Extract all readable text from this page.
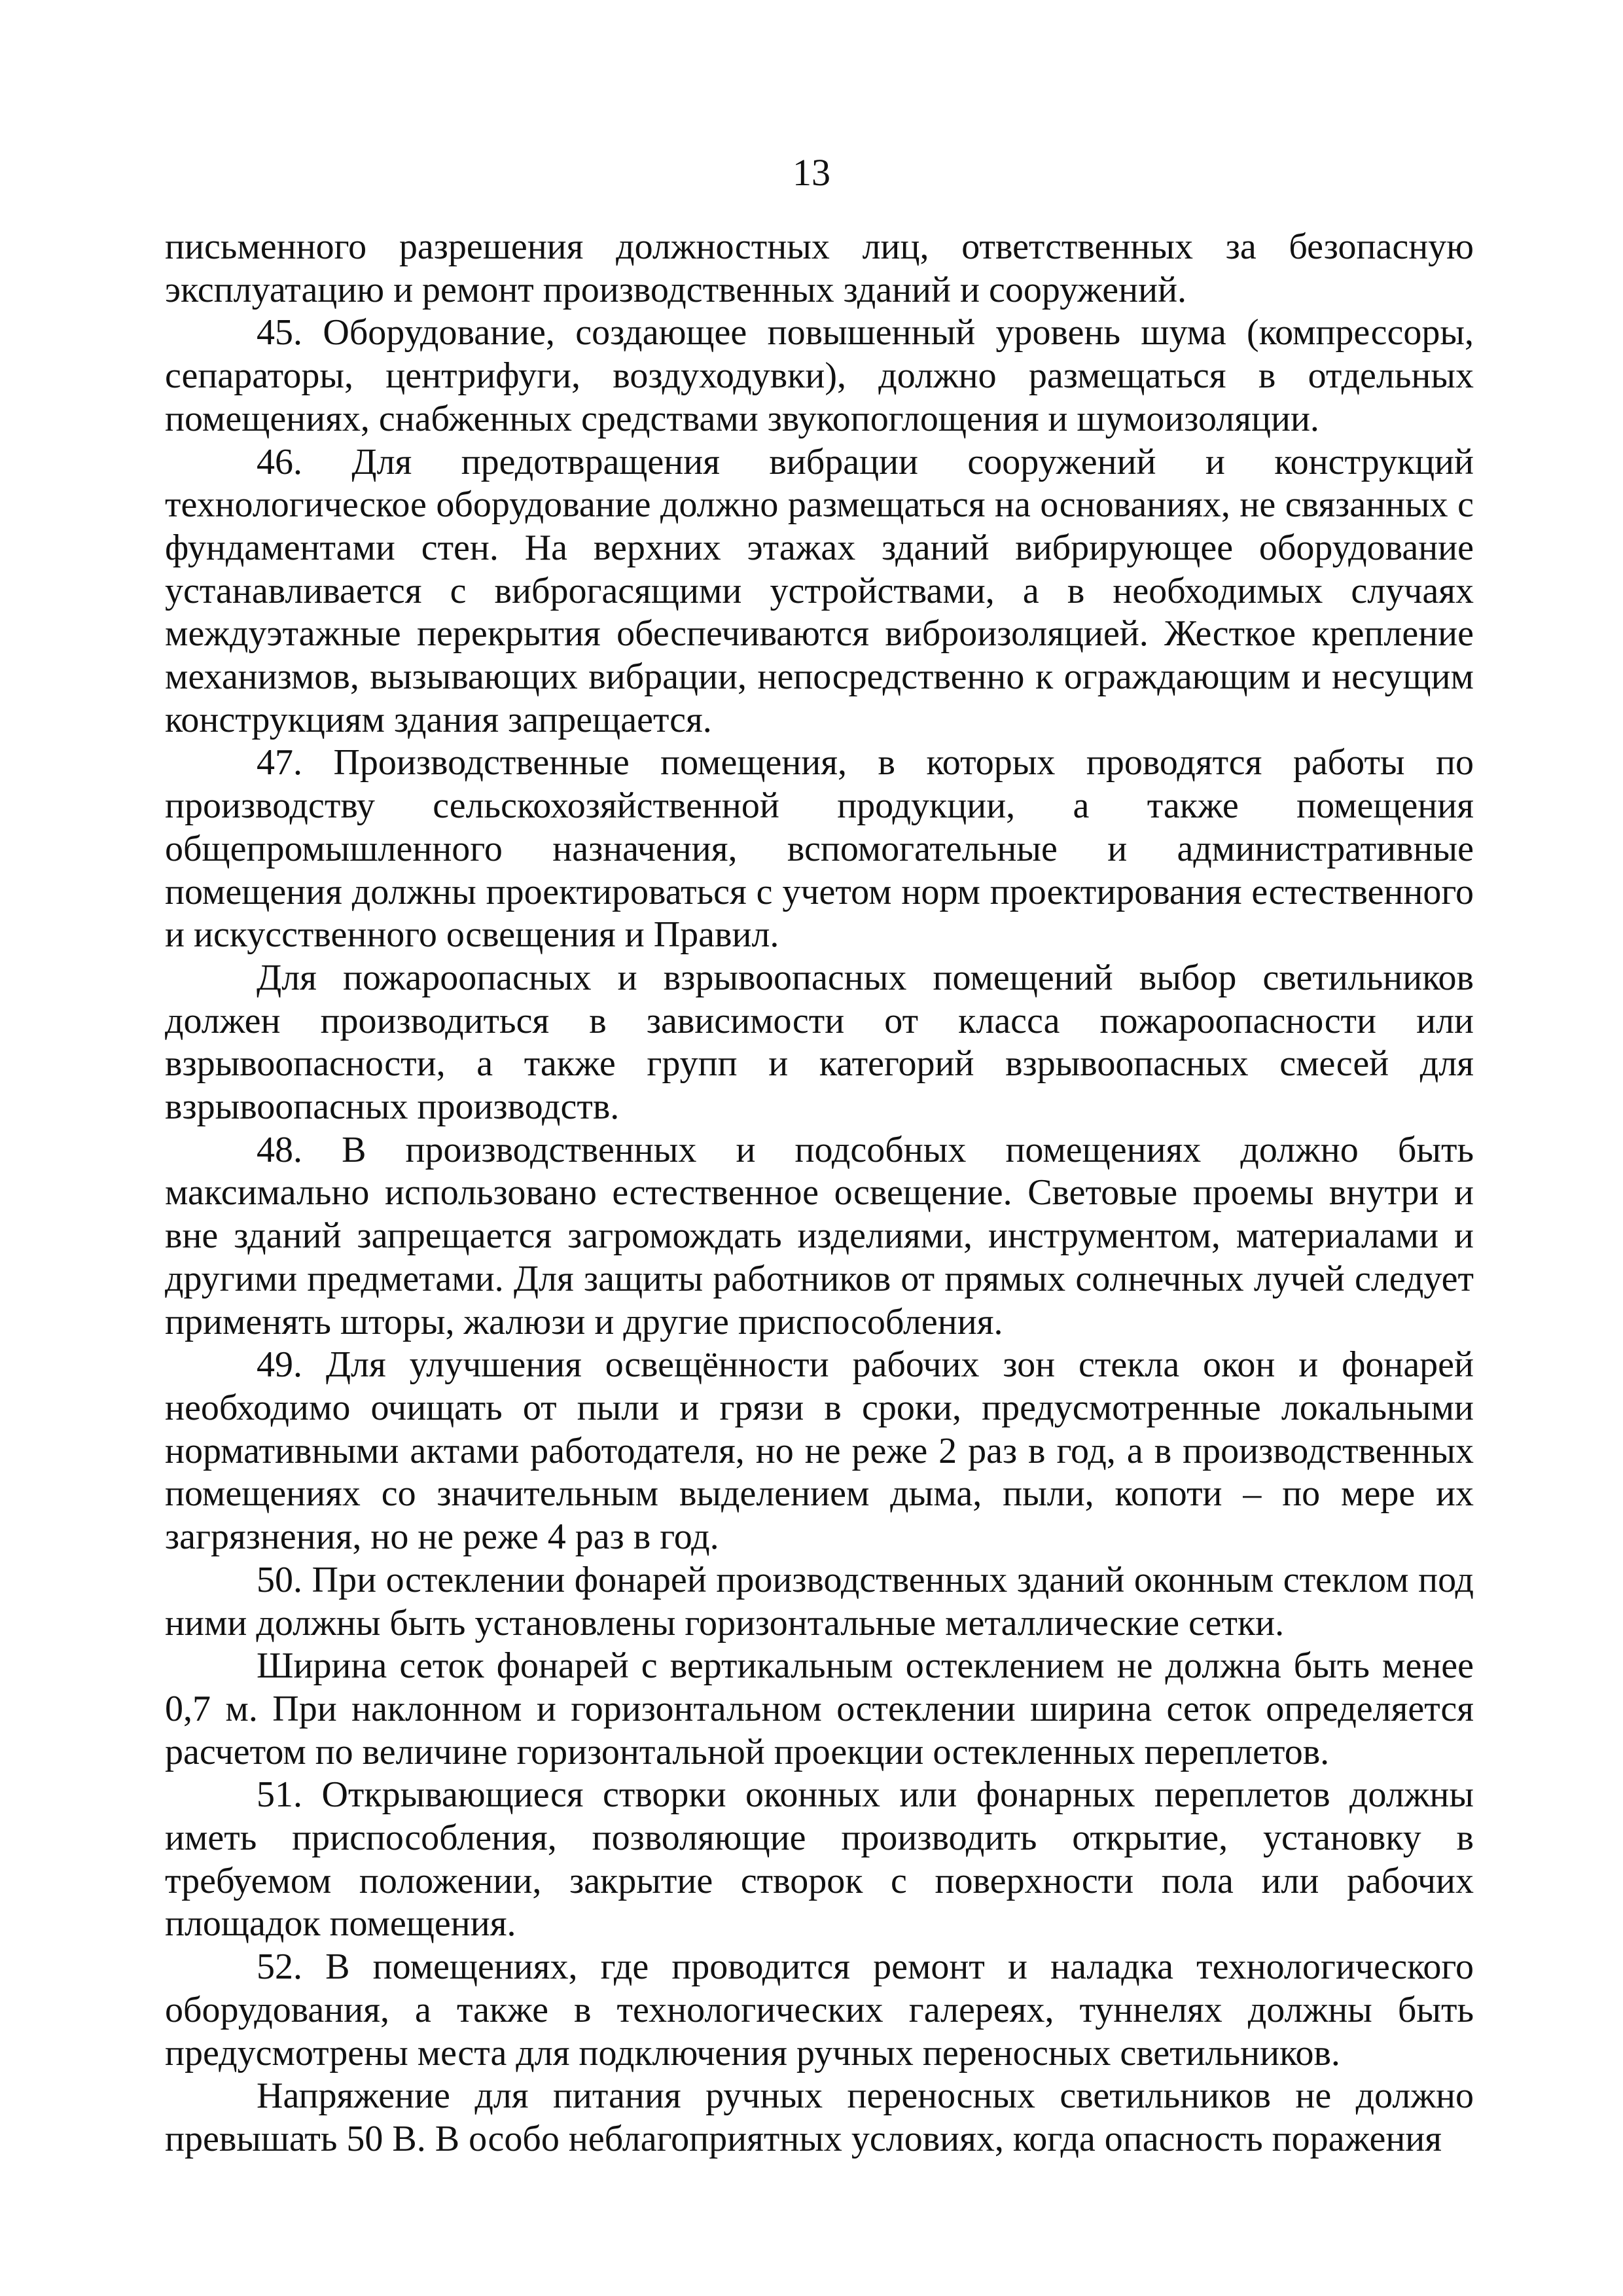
13

письменного разрешения должностных лиц, ответственных за безопасную эксплуатацию и ремонт производственных зданий и сооружений.

45. Оборудование, создающее повышенный уровень шума (компрессоры, сепараторы, центрифуги, воздуходувки), должно размещаться в отдельных помещениях, снабженных средствами звукопоглощения и шумоизоляции.

46. Для предотвращения вибрации сооружений и конструкций технологическое оборудование должно размещаться на основаниях, не связанных с фундаментами стен. На верхних этажах зданий вибрирующее оборудование устанавливается с виброгасящими устройствами, а в необходимых случаях междуэтажные перекрытия обеспечиваются виброизоляцией. Жесткое крепление механизмов, вызывающих вибрации, непосредственно к ограждающим и несущим конструкциям здания запрещается.

47. Производственные помещения, в которых проводятся работы по производству сельскохозяйственной продукции, а также помещения общепромышленного назначения, вспомогательные и административные помещения должны проектироваться с учетом норм проектирования естественного и искусственного освещения и Правил.

Для пожароопасных и взрывоопасных помещений выбор светильников должен производиться в зависимости от класса пожароопасности или взрывоопасности, а также групп и категорий взрывоопасных смесей для взрывоопасных производств.

48. В производственных и подсобных помещениях должно быть максимально использовано естественное освещение. Световые проемы внутри и вне зданий запрещается загромождать изделиями, инструментом, материалами и другими предметами. Для защиты работников от прямых солнечных лучей следует применять шторы, жалюзи и другие приспособления.

49. Для улучшения освещённости рабочих зон стекла окон и фонарей необходимо очищать от пыли и грязи в сроки, предусмотренные локальными нормативными актами работодателя, но не реже 2 раз в год, а в производственных помещениях со значительным выделением дыма, пыли, копоти – по мере их загрязнения, но не реже 4 раз в год.

50. При остеклении фонарей производственных зданий оконным стеклом под ними должны быть установлены горизонтальные металлические сетки.

Ширина сеток фонарей с вертикальным остеклением не должна быть менее 0,7 м. При наклонном и горизонтальном остеклении ширина сеток определяется расчетом по величине горизонтальной проекции остекленных переплетов.

51. Открывающиеся створки оконных или фонарных переплетов должны иметь приспособления, позволяющие производить открытие, установку в требуемом положении, закрытие створок с поверхности пола или рабочих площадок помещения.

52. В помещениях, где проводится ремонт и наладка технологического оборудования, а также в технологических галереях, туннелях должны быть предусмотрены места для подключения ручных переносных светильников.

Напряжение для питания ручных переносных светильников не должно превышать 50 В. В особо неблагоприятных условиях, когда опасность поражения
